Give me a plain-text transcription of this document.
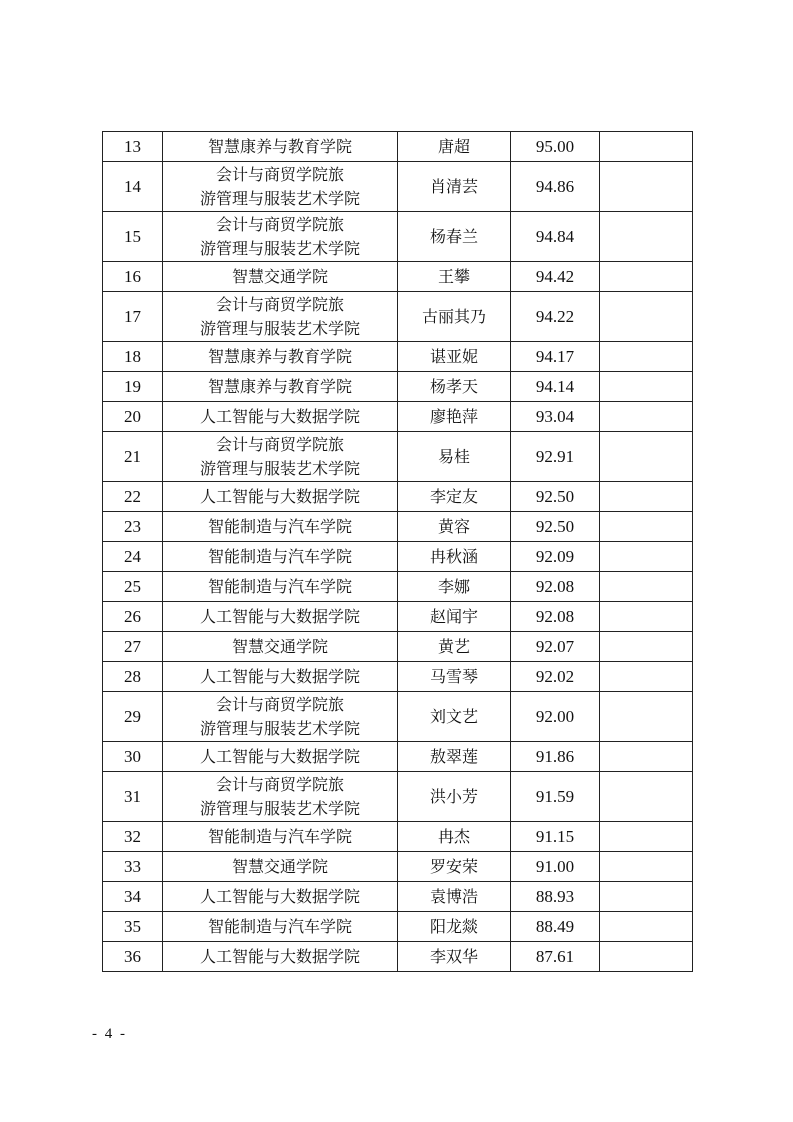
13	智慧康养与教育学院	唐超	95.00	
14	会计与商贸学院旅
游管理与服装艺术学院	肖清芸	94.86	
15	会计与商贸学院旅
游管理与服装艺术学院	杨春兰	94.84	
16	智慧交通学院	王攀	94.42	
17	会计与商贸学院旅
游管理与服装艺术学院	古丽其乃	94.22	
18	智慧康养与教育学院	谌亚妮	94.17	
19	智慧康养与教育学院	杨孝天	94.14	
20	人工智能与大数据学院	廖艳萍	93.04	
21	会计与商贸学院旅
游管理与服装艺术学院	易桂	92.91	
22	人工智能与大数据学院	李定友	92.50	
23	智能制造与汽车学院	黄容	92.50	
24	智能制造与汽车学院	冉秋涵	92.09	
25	智能制造与汽车学院	李娜	92.08	
26	人工智能与大数据学院	赵闻宇	92.08	
27	智慧交通学院	黄艺	92.07	
28	人工智能与大数据学院	马雪琴	92.02	
29	会计与商贸学院旅
游管理与服装艺术学院	刘文艺	92.00	
30	人工智能与大数据学院	敖翠莲	91.86	
31	会计与商贸学院旅
游管理与服装艺术学院	洪小芳	91.59	
32	智能制造与汽车学院	冉杰	91.15	
33	智慧交通学院	罗安荣	91.00	
34	人工智能与大数据学院	袁博浩	88.93	
35	智能制造与汽车学院	阳龙燚	88.49	
36	人工智能与大数据学院	李双华	87.61	
- 4 -
